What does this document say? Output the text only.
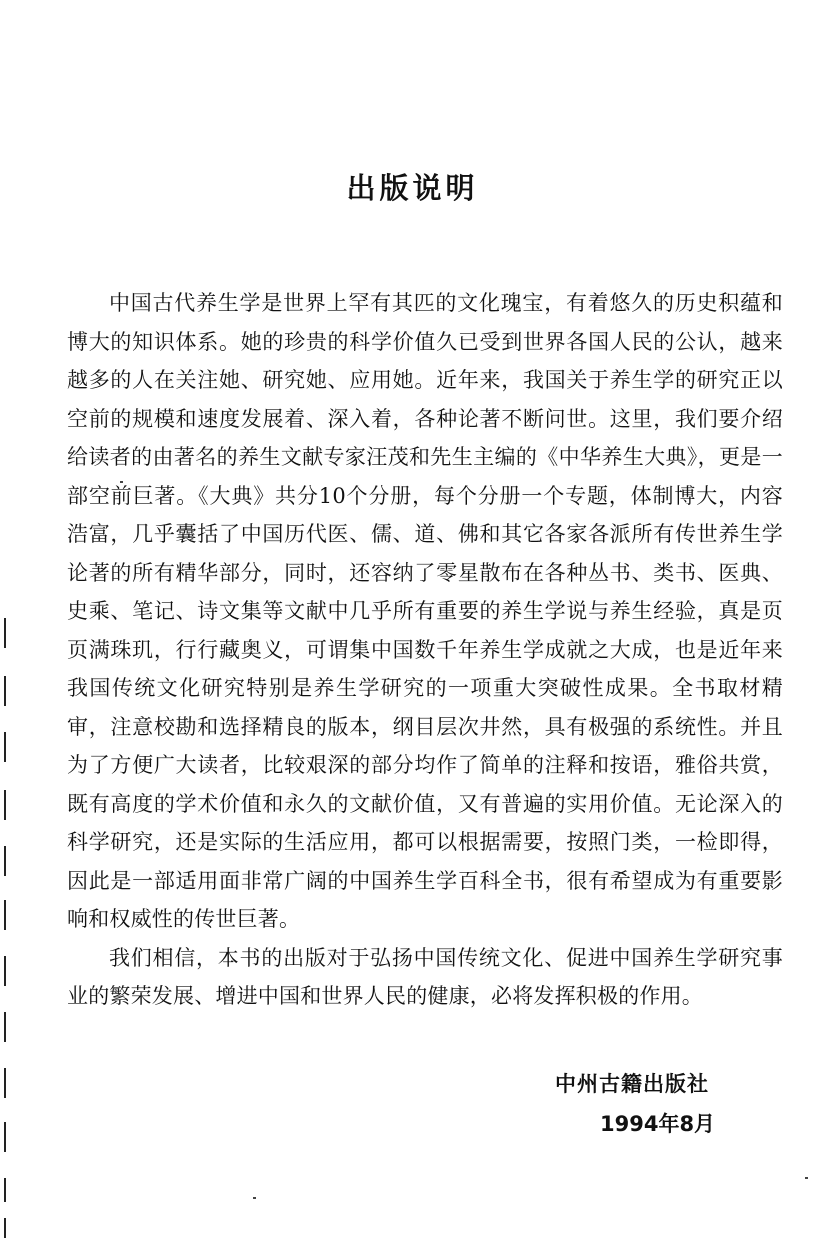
出版说明

中国古代养生学是世界上罕有其匹的文化瑰宝，有着悠久的历史积蕴和博大的知识体系。她的珍贵的科学价值久已受到世界各国人民的公认，越来越多的人在关注她、研究她、应用她。近年来，我国关于养生学的研究正以空前的规模和速度发展着、深入着，各种论著不断问世。这里，我们要介绍给读者的由著名的养生文献专家汪茂和先生主编的《中华养生大典》，更是一部空前巨著。《大典》共分10个分册，每个分册一个专题，体制博大，内容浩富，几乎囊括了中国历代医、儒、道、佛和其它各家各派所有传世养生学论著的所有精华部分，同时，还容纳了零星散布在各种丛书、类书、医典、史乘、笔记、诗文集等文献中几乎所有重要的养生学说与养生经验，真是页页满珠玑，行行藏奥义，可谓集中国数千年养生学成就之大成，也是近年来我国传统文化研究特别是养生学研究的一项重大突破性成果。全书取材精审，注意校勘和选择精良的版本，纲目层次井然，具有极强的系统性。并且为了方便广大读者，比较艰深的部分均作了简单的注释和按语，雅俗共赏，既有高度的学术价值和永久的文献价值，又有普遍的实用价值。无论深入的科学研究，还是实际的生活应用，都可以根据需要，按照门类，一检即得，因此是一部适用面非常广阔的中国养生学百科全书，很有希望成为有重要影响和权威性的传世巨著。

我们相信，本书的出版对于弘扬中国传统文化、促进中国养生学研究事业的繁荣发展、增进中国和世界人民的健康，必将发挥积极的作用。

中州古籍出版社
1994年8月
